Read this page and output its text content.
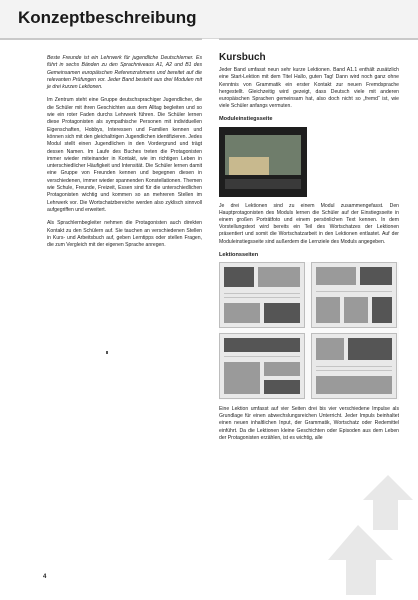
Konzeptbeschreibung

Beste Freunde ist ein Lehrwerk für jugendliche Deutschlerner. Es führt in sechs Bänden zu den Sprachniveaus A1, A2 und B1 des Gemeinsamen europäischen Referenzrahmens und bereitet auf die relevanten Prüfungen vor. Jeder Band besteht aus drei Modulen mit je drei kurzen Lektionen.

Im Zentrum steht eine Gruppe deutschsprachiger Jugendlicher, die die Schüler mit ihren Geschichten aus dem Alltag begleiten und so wie ein roter Faden durchs Lehrwerk führen. Die Schüler lernen diese Protagonisten als sympathische Personen mit individuellen Eigenschaften, Hobbys, Interessen und Familien kennen und können sich mit den gleichaltrigen Jugendlichen identifizieren. Jedes Modul stellt einen Jugendlichen in den Vordergrund und trägt dessen Namen. Im Laufe des Buches treten die Protagonisten immer wieder miteinander in Kontakt, wie im richtigen Leben in unterschiedlicher Häufigkeit und Intensität. Die Schüler lernen damit eine Gruppe von Freunden kennen und begegnen diesen in verschiedenen, immer wieder spannenden Konstellationen. Themen wie Schule, Freunde, Freizeit, Essen sind für die unterschiedlichen Protagonisten wichtig und kommen so an mehreren Stellen im Lehrwerk vor. Die Wortschatzbereiche werden also zyklisch sinnvoll aufgegriffen und erweitert.

Als Sprachlernbegleiter nehmen die Protagonisten auch direkten Kontakt zu den Schülern auf. Sie tauchen an verschiedenen Stellen in Kurs- und Arbeitsbuch auf, geben Lerntipps oder stellen Fragen, die zum Vergleich mit der eigenen Sprache anregen.

Kursbuch

Jeder Band umfasst neun sehr kurze Lektionen. Band A1.1 enthält zusätzlich eine Start-Lektion mit dem Titel Hallo, guten Tag! Dann wird noch ganz ohne Kenntnis von Grammatik ein erster Kontakt zur neuen Fremdsprache hergestellt. Gleichzeitig wird gezeigt, dass Deutsch viele mit anderen europäischen Sprachen gemeinsam hat, also doch nicht so „fremd“ ist, wie viele Schüler anfangs vermuten.

Moduleinstiegsseite

Je drei Lektionen sind zu einem Modul zusammengefasst. Den Hauptprotagonisten des Moduls lernen die Schüler auf der Einstiegsseite in einem großen Porträtfoto und einem persönlichen Text kennen. In dem Vorstellungstext wird bereits ein Teil des Wortschatzes der Lektionen präsentiert und somit die Wortschatzarbeit in den Lektionen entlastet. Auf der Moduleinstiegsseite sind außerdem die Lernziele des Moduls angegeben.

Lektionsseiten

Eine Lektion umfasst auf vier Seiten drei bis vier verschiedene Impulse als Grundlage für einen abwechslungsreichen Unterricht. Jeder Impuls beinhaltet einen neuen inhaltlichen Input, der Grammatik, Wortschatz oder Redemittel einführt. Da die Lektionen kleine Geschichten oder Episoden aus dem Leben der Protagonisten erzählen, ist es wichtig, alle

4
